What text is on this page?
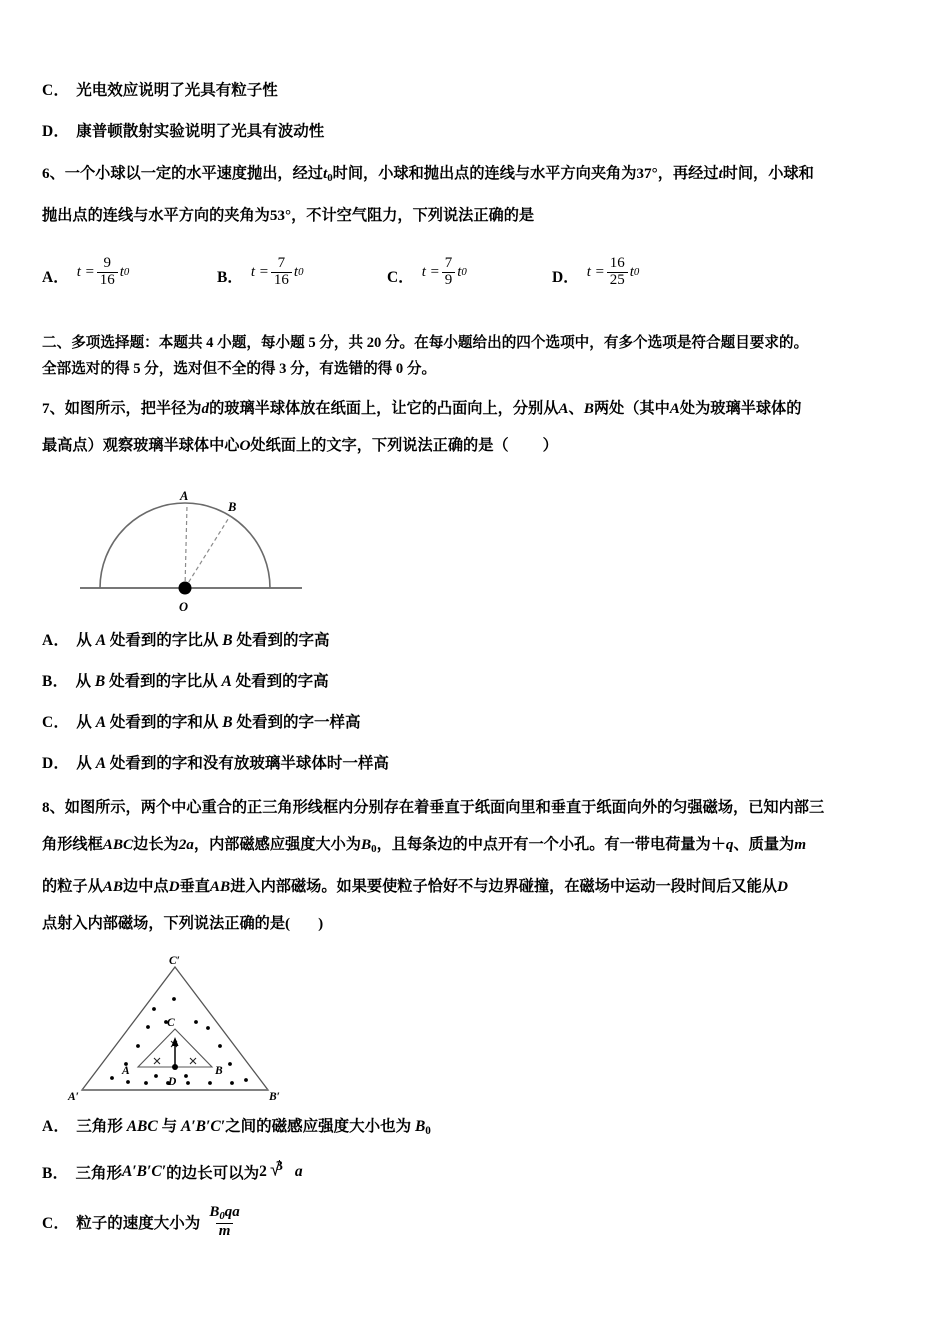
C． 光电效应说明了光具有粒子性
D． 康普顿散射实验说明了光具有波动性
6、一个小球以一定的水平速度抛出，经过$t_0$时间，小球和抛出点的连线与水平方向夹角为37°，再经过t时间，小球和
抛出点的连线与水平方向的夹角为53°，不计空气阻力，下列说法正确的是
A． $t = \frac{9}{16}$ t 0	B． $t = \frac{7}{16}$ t 0	C． $t = \frac{7}{9}$ t 0	D． $t = \frac{16}{25}$ t 0
二、多项选择题：本题共 4 小题，每小题 5 分，共 20 分。在每小题给出的四个选项中，有多个选项是符合题目要求的。
全部选对的得 5 分，选对但不全的得 3 分，有选错的得 0 分。
7、如图所示，把半径为d的玻璃半球体放在纸面上，让它的凸面向上，分别从A、B两处（其中A处为玻璃半球体的
最高点）观察玻璃半球体中心O处纸面上的文字，下列说法正确的是（ ）
A
B
O
A． 从 A 处看到的字比从 B 处看到的字高
B． 从 B 处看到的字比从 A 处看到的字高
C． 从 A 处看到的字和从 B 处看到的字一样高
D． 从 A 处看到的字和没有放玻璃半球体时一样高
8、如图所示，两个中心重合的正三角形线框内分别存在着垂直于纸面向里和垂直于纸面向外的匀强磁场，已知内部三
角形线框ABC边长为2a，内部磁感应强度大小为$B_0$，且每条边的中点开有一个小孔。有一带电荷量为＋q、质量为m
的粒子从AB边中点D垂直AB进入内部磁场。如果要使粒子恰好不与边界碰撞，在磁场中运动一段时间后又能从D
点射入内部磁场，下列说法正确的是( )
C′
A′	B′
C
A	B
D
A． 三角形 ABC 与 A′B′C′之间的磁感应强度大小也为 $B_0$
B． 三角形 A′B′C′ 的边长可以为 2 3 a
C． 粒子的速度大小为 $\frac{B_0qa}{m}$
